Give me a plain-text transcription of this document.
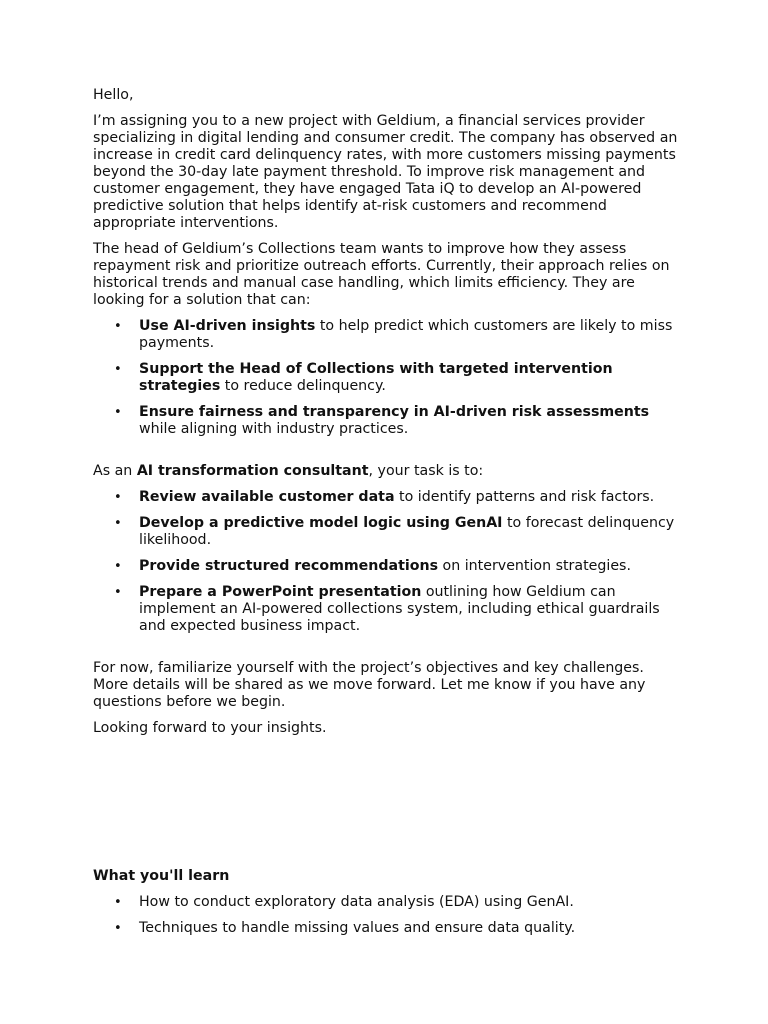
Hello,

I’m assigning you to a new project with Geldium, a financial services provider specializing in digital lending and consumer credit. The company has observed an increase in credit card delinquency rates, with more customers missing payments beyond the 30-day late payment threshold. To improve risk management and customer engagement, they have engaged Tata iQ to develop an AI-powered predictive solution that helps identify at-risk customers and recommend appropriate interventions.

The head of Geldium’s Collections team wants to improve how they assess repayment risk and prioritize outreach efforts. Currently, their approach relies on historical trends and manual case handling, which limits efficiency. They are looking for a solution that can:

• Use AI-driven insights to help predict which customers are likely to miss payments.
• Support the Head of Collections with targeted intervention strategies to reduce delinquency.
• Ensure fairness and transparency in AI-driven risk assessments while aligning with industry practices.

As an AI transformation consultant, your task is to:

• Review available customer data to identify patterns and risk factors.
• Develop a predictive model logic using GenAI to forecast delinquency likelihood.
• Provide structured recommendations on intervention strategies.
• Prepare a PowerPoint presentation outlining how Geldium can implement an AI-powered collections system, including ethical guardrails and expected business impact.

For now, familiarize yourself with the project’s objectives and key challenges. More details will be shared as we move forward. Let me know if you have any questions before we begin.

Looking forward to your insights.

What you'll learn

• How to conduct exploratory data analysis (EDA) using GenAI.
• Techniques to handle missing values and ensure data quality.
